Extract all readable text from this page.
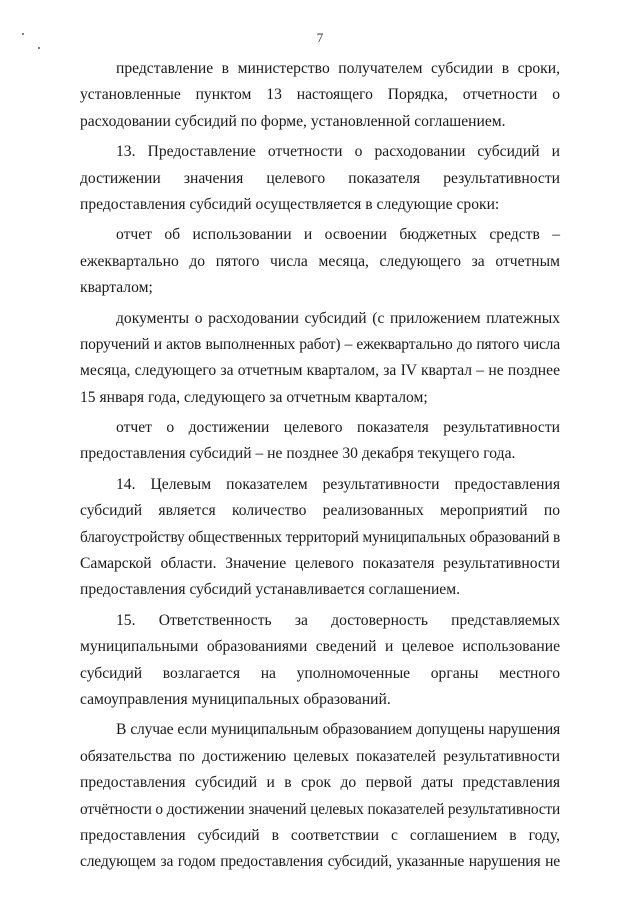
7
представление в министерство получателем субсидии в сроки,
установленные пунктом 13 настоящего Порядка, отчетности о
расходовании субсидий по форме, установленной соглашением.
13. Предоставление отчетности о расходовании субсидий и
достижении значения целевого показателя результативности
предоставления субсидий осуществляется в следующие сроки:
отчет об использовании и освоении бюджетных средств –
ежеквартально до пятого числа месяца, следующего за отчетным
кварталом;
документы о расходовании субсидий (с приложением платежных
поручений и актов выполненных работ) – ежеквартально до пятого числа
месяца, следующего за отчетным кварталом, за IV квартал – не позднее
15 января года, следующего за отчетным кварталом;
отчет о достижении целевого показателя результативности
предоставления субсидий – не позднее 30 декабря текущего года.
14. Целевым показателем результативности предоставления
субсидий является количество реализованных мероприятий по
благоустройству общественных территорий муниципальных образований в
Самарской области. Значение целевого показателя результативности
предоставления субсидий устанавливается соглашением.
15. Ответственность за достоверность представляемых
муниципальными образованиями сведений и целевое использование
субсидий возлагается на уполномоченные органы местного
самоуправления муниципальных образований.
В случае если муниципальным образованием допущены нарушения
обязательства по достижению целевых показателей результативности
предоставления субсидий и в срок до первой даты представления
отчётности о достижении значений целевых показателей результативности
предоставления субсидий в соответствии с соглашением в году,
следующем за годом предоставления субсидий, указанные нарушения не
